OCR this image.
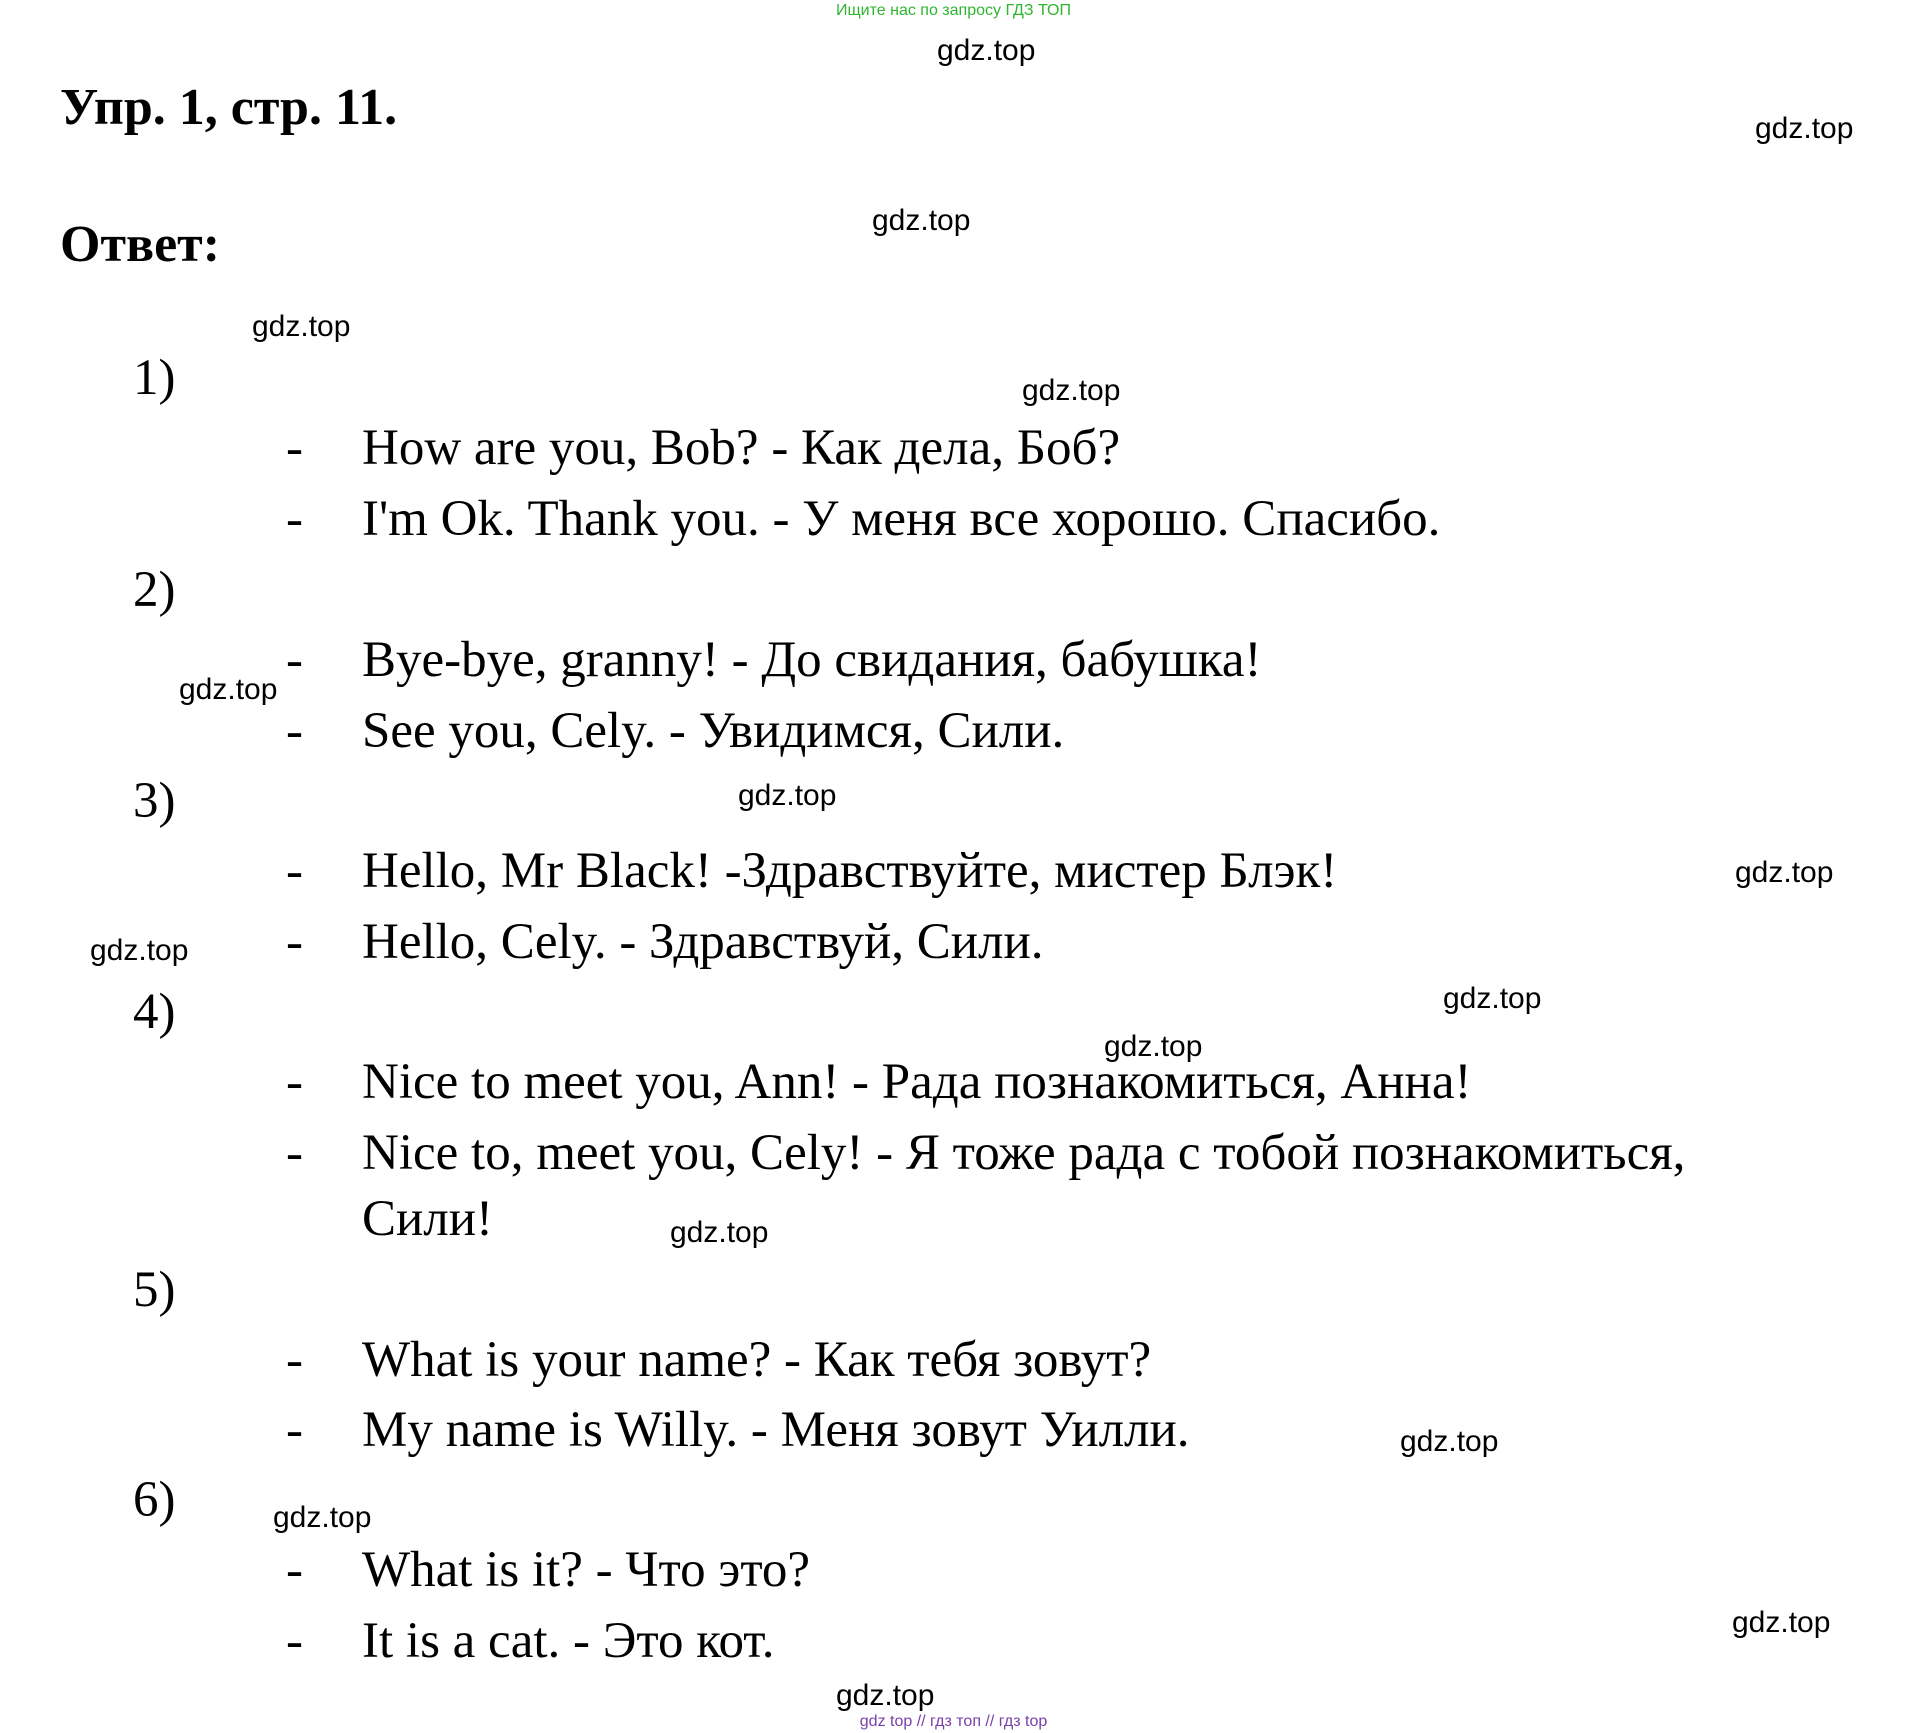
Ищите нас по запросу ГДЗ ТОП
Упр. 1, стр. 11.
Ответ:
1)
- How are you, Bob? - Как дела, Боб?
- I'm Ok. Thank you. - У меня все хорошо. Спасибо.
2)
- Bye-bye, granny! - До свидания, бабушка!
- See you, Cely. - Увидимся, Сили.
3)
- Hello, Mr Black! -Здравствуйте, мистер Блэк!
- Hello, Cely. - Здравствуй, Сили.
4)
- Nice to meet you, Ann! - Рада познакомиться, Анна!
- Nice to, meet you, Cely! - Я тоже рада с тобой познакомиться,
Сили!
5)
- What is your name? - Как тебя зовут?
- My name is Willy. - Меня зовут Уилли.
6)
- What is it? - Что это?
- It is a cat. - Это кот.
gdz.top
gdz.top
gdz.top
gdz.top
gdz.top
gdz.top
gdz.top
gdz.top
gdz.top
gdz.top
gdz.top
gdz.top
gdz.top
gdz.top
gdz.top
gdz.top
gdz top // гдз топ // гдз top
